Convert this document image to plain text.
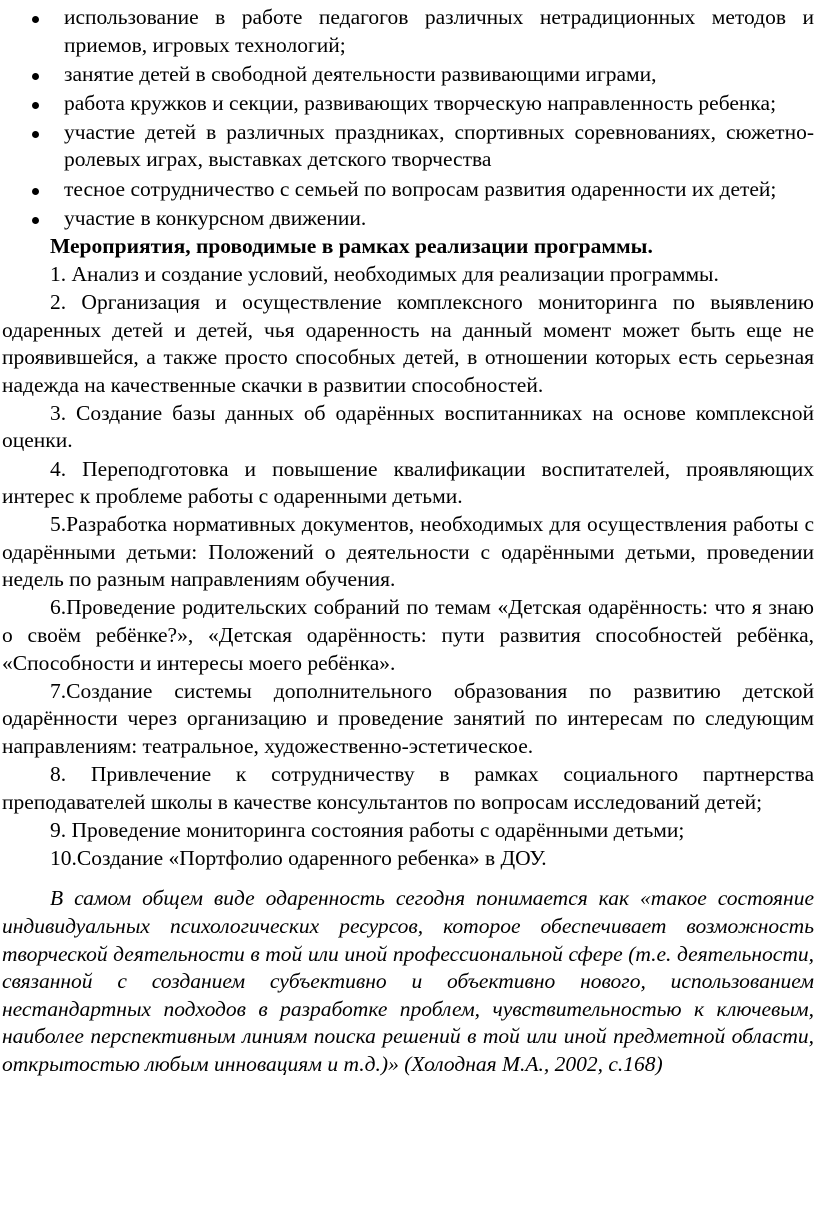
использование в работе педагогов различных нетрадиционных методов и приемов, игровых технологий;
занятие детей в свободной деятельности развивающими играми,
работа кружков и секции, развивающих творческую направленность ребенка;
участие детей в различных праздниках, спортивных соревнованиях, сюжетно-ролевых играх, выставках детского творчества
тесное сотрудничество с семьей по вопросам развития одаренности их детей;
участие в конкурсном движении.

Мероприятия, проводимые в рамках реализации программы.

1. Анализ и создание условий, необходимых для реализации программы.

2. Организация и осуществление комплексного мониторинга по выявлению одаренных детей и детей, чья одаренность на данный момент может быть еще не проявившейся, а также просто способных детей, в отношении которых есть серьезная надежда на качественные скачки в развитии способностей.

3. Создание базы данных об одарённых воспитанниках на основе комплексной оценки.

4. Переподготовка и повышение квалификации воспитателей, проявляющих интерес к проблеме работы с одаренными детьми.

5.Разработка нормативных документов, необходимых для осуществления работы с одарёнными детьми: Положений о деятельности с одарёнными детьми, проведении недель по разным направлениям обучения.

6.Проведение родительских собраний по темам «Детская одарённость: что я знаю о своём ребёнке?», «Детская одарённость: пути развития способностей ребёнка, «Способности и интересы моего ребёнка».

7.Создание системы дополнительного образования по развитию детской одарённости через организацию и проведение занятий по интересам по следующим направлениям: театральное, художественно-эстетическое.

8. Привлечение к сотрудничеству в рамках социального партнерства преподавателей школы в качестве консультантов по вопросам исследований детей;

9. Проведение мониторинга состояния работы с одарёнными детьми;

10.Создание «Портфолио одаренного ребенка» в ДОУ.

В самом общем виде одаренность сегодня понимается как «такое состояние индивидуальных психологических ресурсов, которое обеспечивает возможность творческой деятельности в той или иной профессиональной сфере (т.е. деятельности, связанной с созданием субъективно и объективно нового, использованием нестандартных подходов в разработке проблем, чувствительностью к ключевым, наиболее перспективным линиям поиска решений в той или иной предметной области, открытостью любым инновациям и т.д.)» (Холодная М.А., 2002, с.168)
